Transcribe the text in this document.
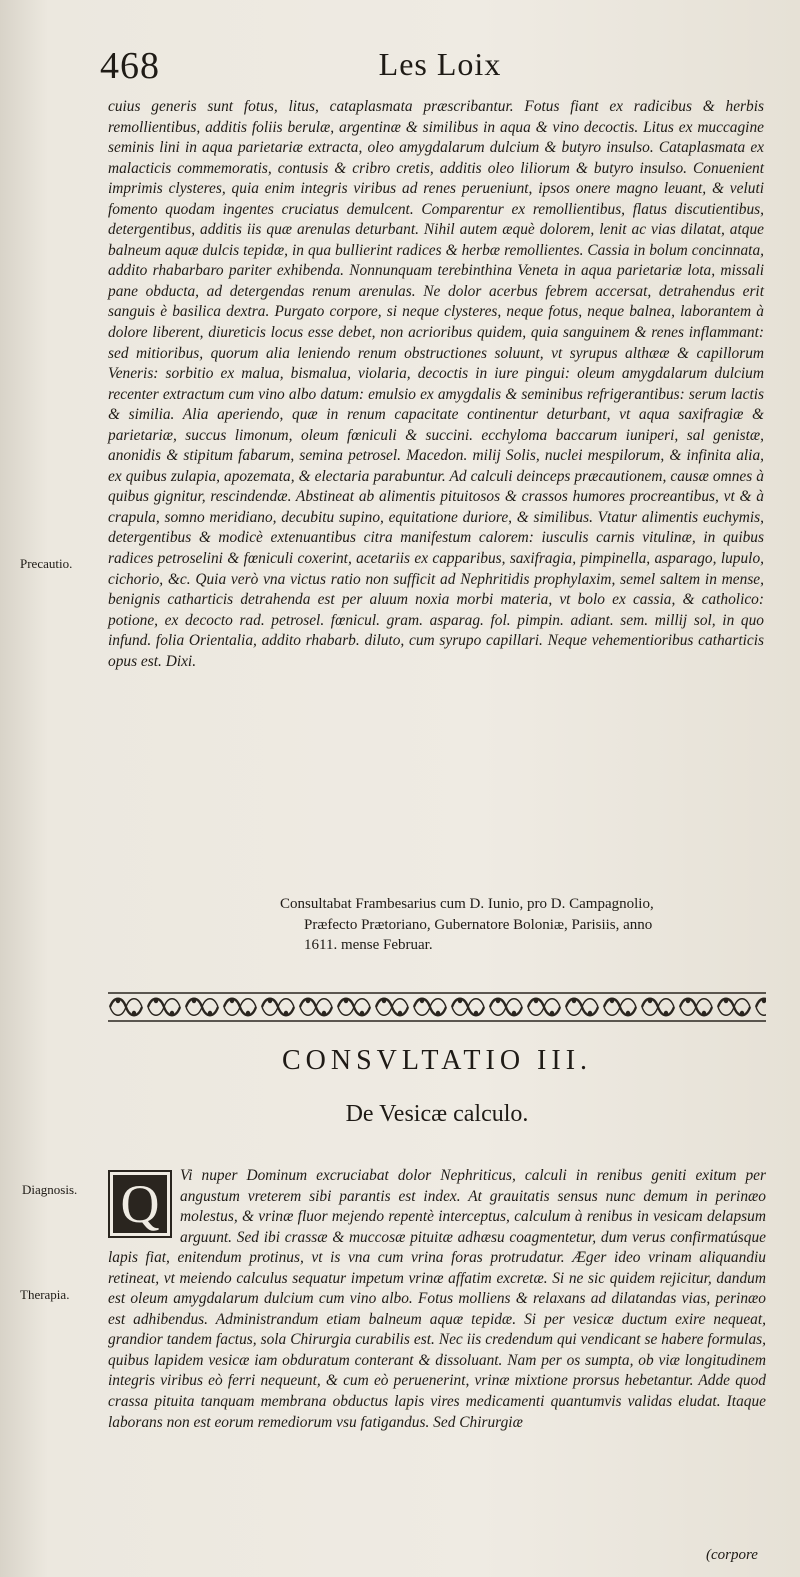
468	Les Loix

cuius generis sunt fotus, litus, cataplasmata præscribantur. Fotus fiant ex radicibus & herbis remollientibus, additis foliis berulæ, argentinæ & similibus in aqua & vino decoctis. Litus ex muccagine seminis lini in aqua parietariæ extracta, oleo amygdalarum dulcium & butyro insulso. Cataplasmata ex malacticis commemoratis, contusis & cribro cretis, additis oleo liliorum & butyro insulso. Conuenient imprimis clysteres, quia enim integris viribus ad renes perueniunt, ipsos onere magno leuant, & veluti fomento quodam ingentes cruciatus demulcent. Comparentur ex remollientibus, flatus discutientibus, detergentibus, additis iis quæ arenulas deturbant. Nihil autem æquè dolorem, lenit ac vias dilatat, atque balneum aquæ dulcis tepidæ, in qua bullierint radices & herbæ remollientes. Cassia in bolum concinnata, addito rhabarbaro pariter exhibenda. Nonnunquam terebinthina Veneta in aqua parietariæ lota, missali pane obducta, ad detergendas renum arenulas. Ne dolor acerbus febrem accersat, detrahendus erit sanguis è basilica dextra. Purgato corpore, si neque clysteres, neque fotus, neque balnea, laborantem à dolore liberent, diureticis locus esse debet, non acrioribus quidem, quia sanguinem & renes inflammant: sed mitioribus, quorum alia leniendo renum obstructiones soluunt, vt syrupus althææ & capillorum Veneris: sorbitio ex malua, bismalua, violaria, decoctis in iure pingui: oleum amygdalarum dulcium recenter extractum cum vino albo datum: emulsio ex amygdalis & seminibus refrigerantibus: serum lactis & similia. Alia aperiendo, quæ in renum capacitate continentur deturbant, vt aqua saxifragiæ & parietariæ, succus limonum, oleum fœniculi & succini. ecchyloma baccarum iuniperi, sal genistæ, anonidis & stipitum fabarum, semina petrosel. Macedon. milij Solis, nuclei mespilorum, & infinita alia, ex quibus zulapia, apozemata, & electaria parabuntur. Ad calculi deinceps præcautionem, causæ omnes à quibus gignitur, rescindendæ. Abstineat ab alimentis pituitosos & crassos humores procreantibus, vt & à crapula, somno meridiano, decubitu supino, equitatione duriore, & similibus. Vtatur alimentis euchymis, detergentibus & modicè extenuantibus citra manifestum calorem: iusculis carnis vitulinæ, in quibus radices petroselini & fœniculi coxerint, acetariis ex capparibus, saxifragia, pimpinella, asparago, lupulo, cichorio, &c. Quia verò vna victus ratio non sufficit ad Nephritidis prophylaxim, semel saltem in mense, benignis catharticis detrahenda est per aluum noxia morbi materia, vt bolo ex cassia, & catholico: potione, ex decocto rad. petrosel. fœnicul. gram. asparag. fol. pimpin. adiant. sem. millij sol, in quo infund. folia Orientalia, addito rhabarb. diluto, cum syrupo capillari. Neque vehementioribus catharticis opus est. Dixi.

Precautio.
Consultabat Frambesarius cum D. Iunio, pro D. Campagnolio,
Præfecto Prætoriano, Gubernatore Boloniæ, Parisiis, anno
1611. mense Februar.
CONSVLTATIO III.
De Vesicæ calculo.
Diagnosis.
Therapia.
Q	Vi nuper Dominum excruciabat dolor Nephriticus, calculi in renibus geniti exitum per angustum vreterem sibi parantis est index. At grauitatis sensus nunc demum in perinæo molestus, & vrinæ fluor mejendo repentè interceptus, calculum à renibus in vesicam delapsum arguunt. Sed ibi crassæ & muccosæ pituitæ adhæsu coagmentetur, dum verus confirmatúsque lapis fiat, enitendum protinus, vt is vna cum vrina foras protrudatur. Æger ideo vrinam aliquandiu retineat, vt meiendo calculus sequatur impetum vrinæ affatim excretæ. Si ne sic quidem rejicitur, dandum est oleum amygdalarum dulcium cum vino albo. Fotus molliens & relaxans ad dilatandas vias, perinæo est adhibendus. Administrandum etiam balneum aquæ tepidæ. Si per vesicæ ductum exire nequeat, grandior tandem factus, sola Chirurgia curabilis est. Nec iis credendum qui vendicant se habere formulas, quibus lapidem vesicæ iam obduratum conterant & dissoluant. Nam per os sumpta, ob viæ longitudinem integris viribus eò ferri nequeunt, & cum eò peruenerint, vrinæ mixtione prorsus hebetantur. Adde quod crassa pituita tanquam membrana obductus lapis vires medicamenti quantumvis validas eludat. Itaque laborans non est eorum remediorum vsu fatigandus. Sed Chirurgiæ
(corpore
